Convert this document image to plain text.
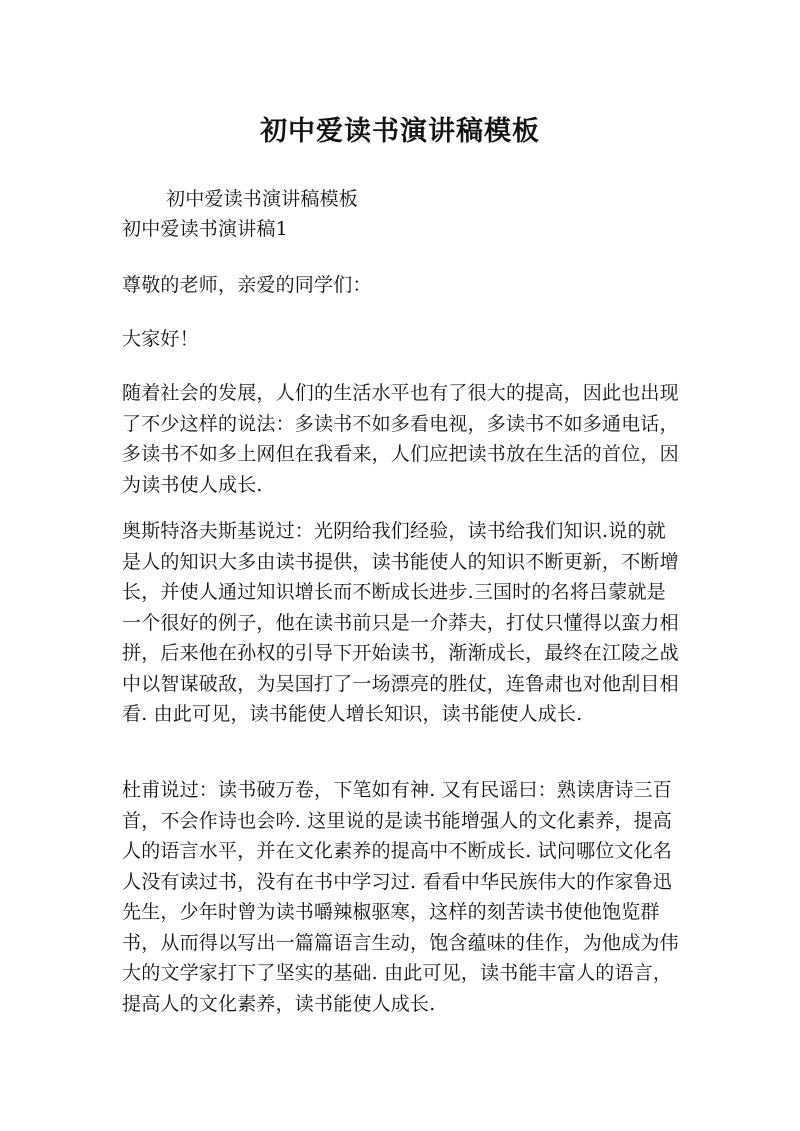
初中爱读书演讲稿模板

初中爱读书演讲稿模板

初中爱读书演讲稿1

尊敬的老师，亲爱的同学们：

大家好！

随着社会的发展，人们的生活水平也有了很大的提高，因此也出现了不少这样的说法：多读书不如多看电视，多读书不如多通电话，多读书不如多上网但在我看来，人们应把读书放在生活的首位，因为读书使人成长.

奥斯特洛夫斯基说过：光阴给我们经验，读书给我们知识.说的就是人的知识大多由读书提供，读书能使人的知识不断更新，不断增长，并使人通过知识增长而不断成长进步.三国时的名将吕蒙就是一个很好的例子，他在读书前只是一介莽夫，打仗只懂得以蛮力相拼，后来他在孙权的引导下开始读书，渐渐成长，最终在江陵之战中以智谋破敌，为吴国打了一场漂亮的胜仗，连鲁肃也对他刮目相看. 由此可见，读书能使人增长知识，读书能使人成长.

杜甫说过：读书破万卷，下笔如有神. 又有民谣曰：熟读唐诗三百首，不会作诗也会吟. 这里说的是读书能增强人的文化素养，提高人的语言水平，并在文化素养的提高中不断成长. 试问哪位文化名人没有读过书，没有在书中学习过. 看看中华民族伟大的作家鲁迅先生，少年时曾为读书嚼辣椒驱寒，这样的刻苦读书使他饱览群书，从而得以写出一篇篇语言生动，饱含蕴味的佳作，为他成为伟大的文学家打下了坚实的基础. 由此可见，读书能丰富人的语言，提高人的文化素养，读书能使人成长.
